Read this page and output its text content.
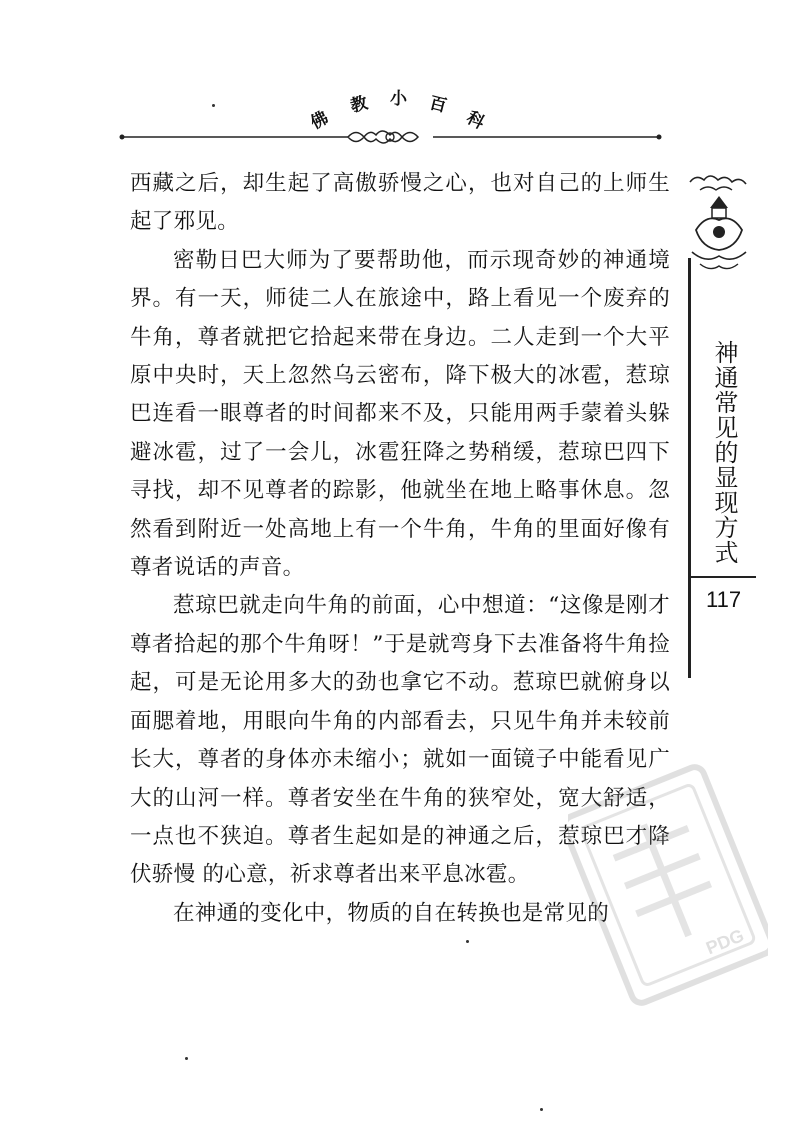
佛
教 小 百
科
神通常见的显现方式
117

西藏之后，却生起了高傲骄慢之心，也对自己的上师生起了邪见。

密勒日巴大师为了要帮助他，而示现奇妙的神通境界。有一天，师徒二人在旅途中，路上看见一个废弃的牛角，尊者就把它拾起来带在身边。二人走到一个大平原中央时，天上忽然乌云密布，降下极大的冰雹，惹琼巴连看一眼尊者的时间都来不及，只能用两手蒙着头躲避冰雹，过了一会儿，冰雹狂降之势稍缓，惹琼巴四下寻找，却不见尊者的踪影，他就坐在地上略事休息。忽然看到附近一处高地上有一个牛角，牛角的里面好像有尊者说话的声音。

惹琼巴就走向牛角的前面，心中想道：“这像是刚才尊者拾起的那个牛角呀！”于是就弯身下去准备将牛角捡起，可是无论用多大的劲也拿它不动。惹琼巴就俯身以面腮着地，用眼向牛角的内部看去，只见牛角并未较前长大，尊者的身体亦未缩小；就如一面镜子中能看见广大的山河一样。尊者安坐在牛角的狭窄处，宽大舒适，一点也不狭迫。尊者生起如是的神通之后，惹琼巴才降伏骄慢 的心意，祈求尊者出来平息冰雹。

在神通的变化中，物质的自在转换也是常见的

PDG
